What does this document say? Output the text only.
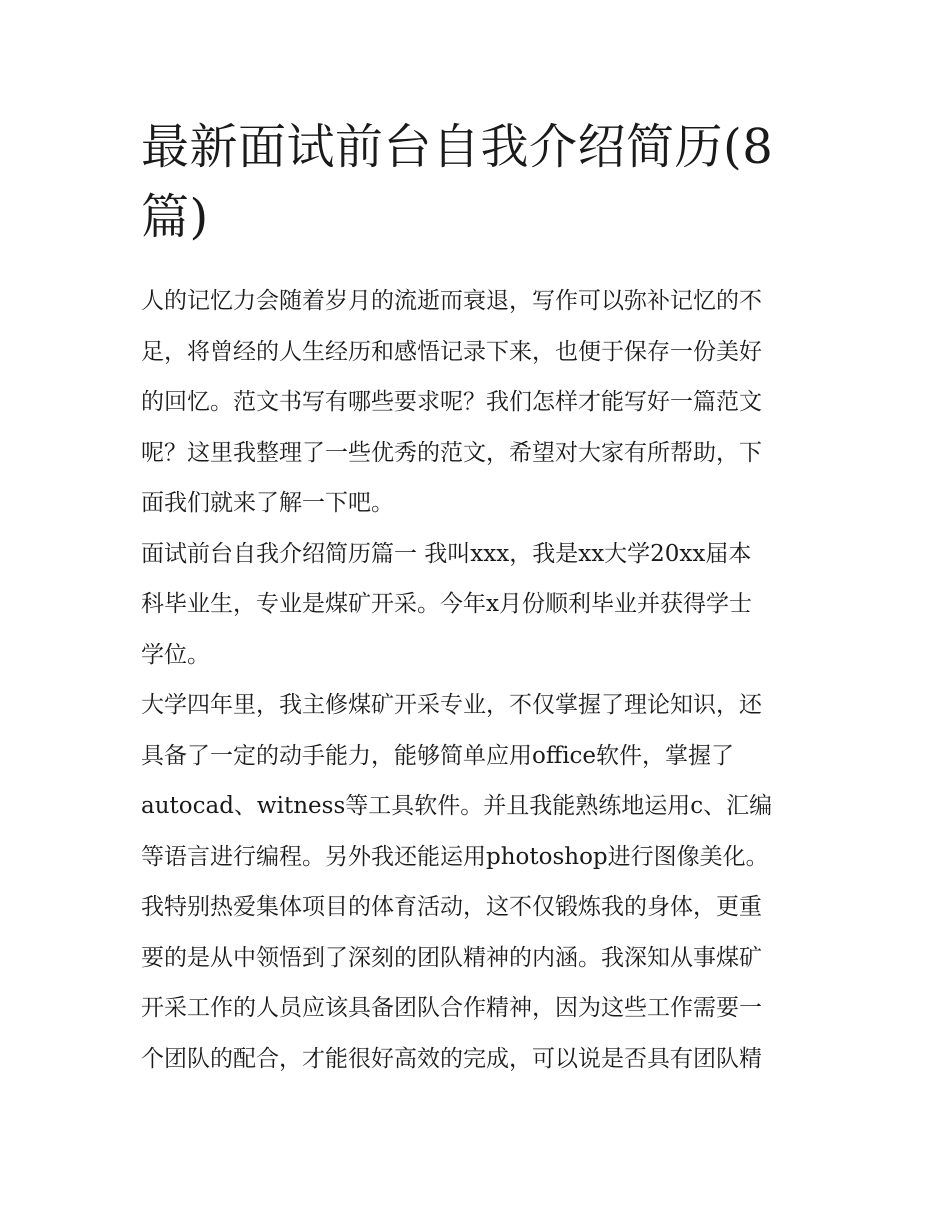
最新面试前台自我介绍简历(8
篇)

人的记忆力会随着岁月的流逝而衰退，写作可以弥补记忆的不
足，将曾经的人生经历和感悟记录下来，也便于保存一份美好
的回忆。范文书写有哪些要求呢？我们怎样才能写好一篇范文
呢？这里我整理了一些优秀的范文，希望对大家有所帮助，下
面我们就来了解一下吧。

面试前台自我介绍简历篇一 我叫xxx，我是xx大学20xx届本
科毕业生，专业是煤矿开采。今年x月份顺利毕业并获得学士
学位。

大学四年里，我主修煤矿开采专业，不仅掌握了理论知识，还
具备了一定的动手能力，能够简单应用office软件，掌握了
autocad、witness等工具软件。并且我能熟练地运用c、汇编
等语言进行编程。另外我还能运用photoshop进行图像美化。
我特别热爱集体项目的体育活动，这不仅锻炼我的身体，更重
要的是从中领悟到了深刻的团队精神的内涵。我深知从事煤矿
开采工作的人员应该具备团队合作精神，因为这些工作需要一
个团队的配合，才能很好高效的完成，可以说是否具有团队精
